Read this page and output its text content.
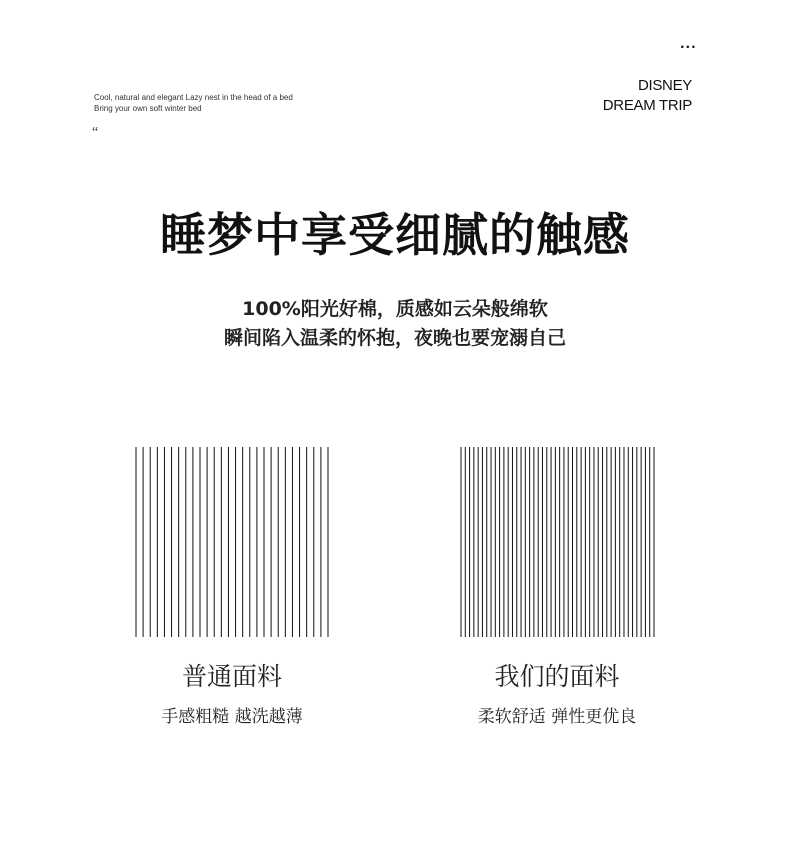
...
Cool, natural and elegant Lazy nest in the head of a bed
Bring your own soft winter bed
“
DISNEY
DREAM TRIP
睡梦中享受细腻的触感
100%阳光好棉，质感如云朵般绵软
瞬间陷入温柔的怀抱，夜晚也要宠溺自己
普通面料
手感粗糙 越洗越薄
我们的面料
柔软舒适 弹性更优良
